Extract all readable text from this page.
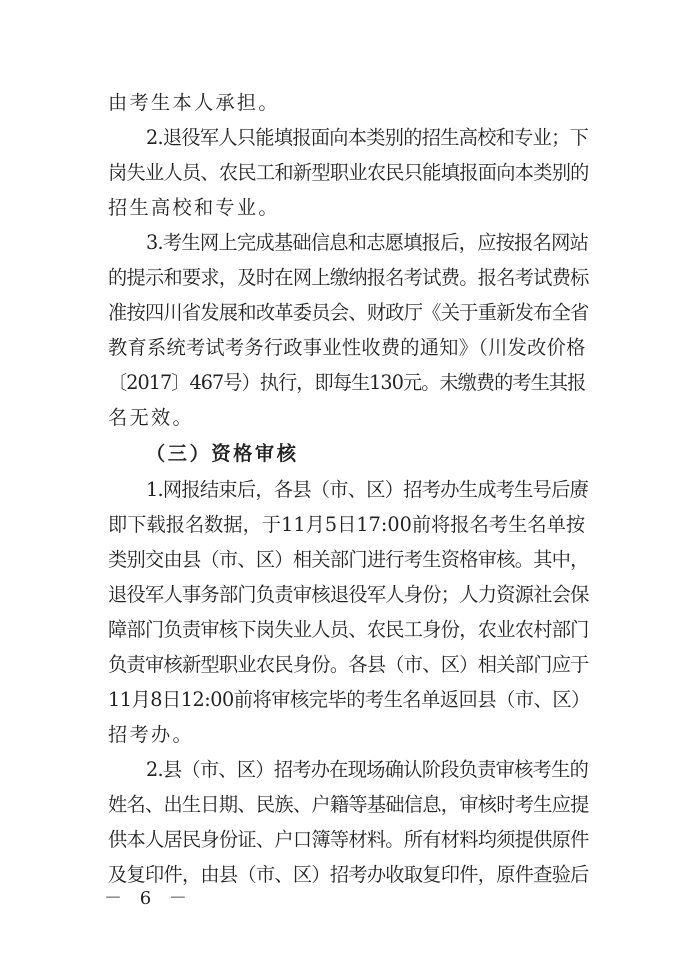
由考生本人承担。
2.退役军人只能填报面向本类别的招生高校和专业；下
岗失业人员、农民工和新型职业农民只能填报面向本类别的
招生高校和专业。
3.考生网上完成基础信息和志愿填报后，应按报名网站
的提示和要求，及时在网上缴纳报名考试费。报名考试费标
准按四川省发展和改革委员会、财政厅《关于重新发布全省
教育系统考试考务行政事业性收费的通知》（川发改价格
〔2017〕467号）执行，即每生130元。未缴费的考生其报
名无效。
（三）资格审核
1.网报结束后，各县（市、区）招考办生成考生号后赓
即下载报名数据，于11月5日17:00前将报名考生名单按
类别交由县（市、区）相关部门进行考生资格审核。其中，
退役军人事务部门负责审核退役军人身份；人力资源社会保
障部门负责审核下岗失业人员、农民工身份，农业农村部门
负责审核新型职业农民身份。各县（市、区）相关部门应于
11月8日12:00前将审核完毕的考生名单返回县（市、区）
招考办。
2.县（市、区）招考办在现场确认阶段负责审核考生的
姓名、出生日期、民族、户籍等基础信息，审核时考生应提
供本人居民身份证、户口簿等材料。所有材料均须提供原件
及复印件，由县（市、区）招考办收取复印件，原件查验后
－ 6 －
